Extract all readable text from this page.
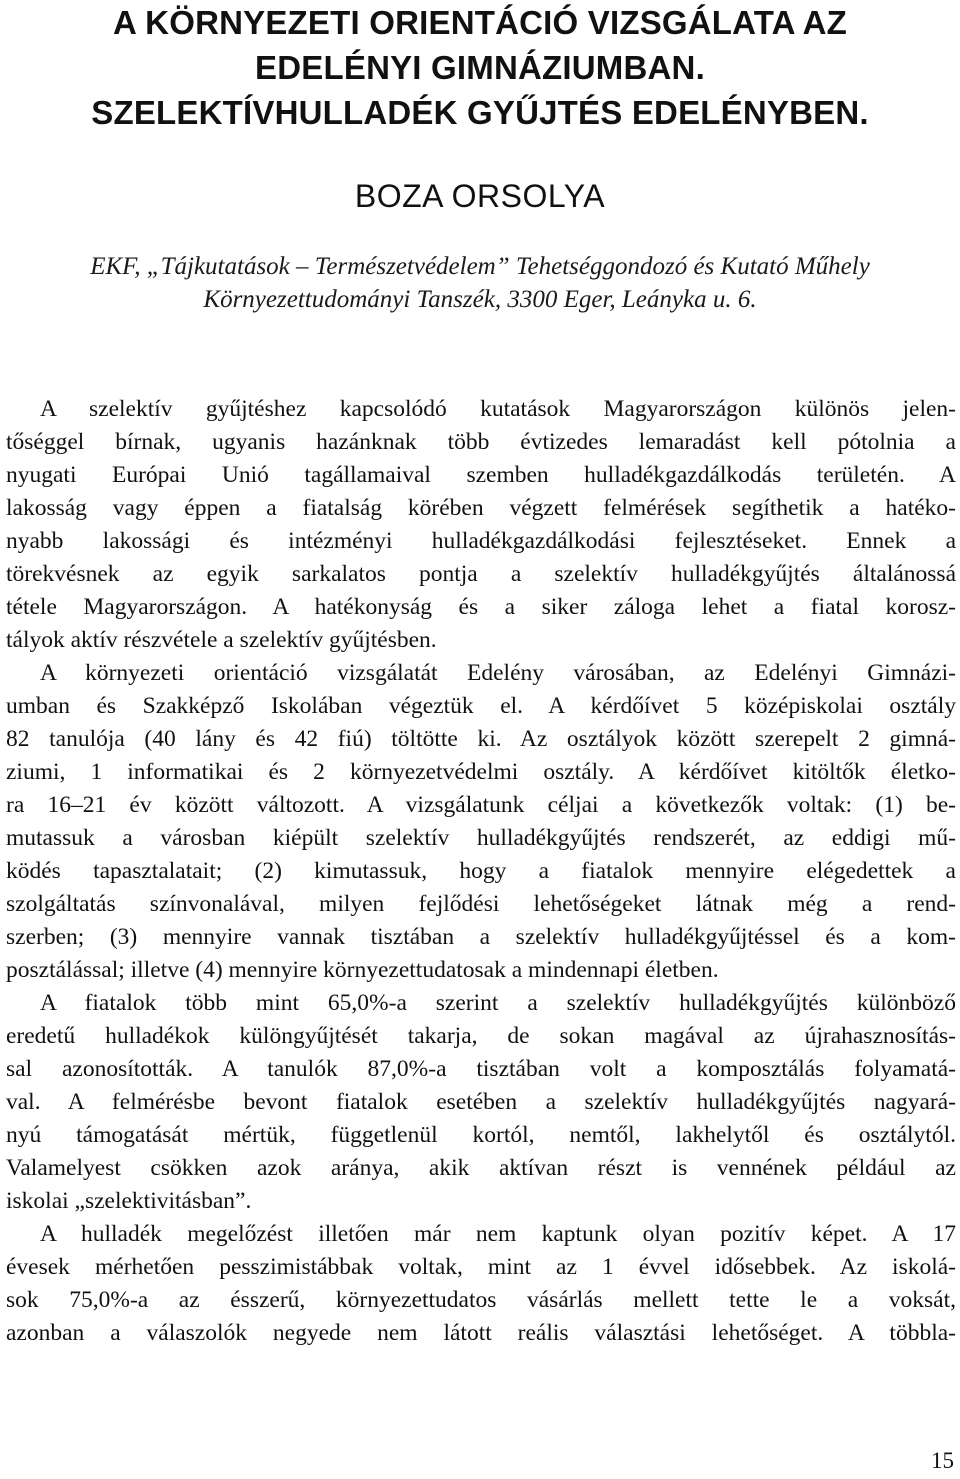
A KÖRNYEZETI ORIENTÁCIÓ VIZSGÁLATA AZ
EDELÉNYI GIMNÁZIUMBAN.
SZELEKTÍVHULLADÉK GYŰJTÉS EDELÉNYBEN.
BOZA ORSOLYA
EKF, „Tájkutatások – Természetvédelem” Tehetséggondozó és Kutató Műhely
Környezettudományi Tanszék, 3300 Eger, Leányka u. 6.
A szelektív gyűjtéshez kapcsolódó kutatások Magyarországon különös jelen-
tőséggel bírnak, ugyanis hazánknak több évtizedes lemaradást kell pótolnia a
nyugati Európai Unió tagállamaival szemben hulladékgazdálkodás területén. A
lakosság vagy éppen a fiatalság körében végzett felmérések segíthetik a hatéko-
nyabb lakossági és intézményi hulladékgazdálkodási fejlesztéseket. Ennek a
törekvésnek az egyik sarkalatos pontja a szelektív hulladékgyűjtés általánossá
tétele Magyarországon. A hatékonyság és a siker záloga lehet a fiatal korosz-
tályok aktív részvétele a szelektív gyűjtésben.
A környezeti orientáció vizsgálatát Edelény városában, az Edelényi Gimnázi-
umban és Szakképző Iskolában végeztük el. A kérdőívet 5 középiskolai osztály
82 tanulója (40 lány és 42 fiú) töltötte ki. Az osztályok között szerepelt 2 gimná-
ziumi, 1 informatikai és 2 környezetvédelmi osztály. A kérdőívet kitöltők életko-
ra 16–21 év között változott. A vizsgálatunk céljai a következők voltak: (1) be-
mutassuk a városban kiépült szelektív hulladékgyűjtés rendszerét, az eddigi mű-
ködés tapasztalatait; (2) kimutassuk, hogy a fiatalok mennyire elégedettek a
szolgáltatás színvonalával, milyen fejlődési lehetőségeket látnak még a rend-
szerben; (3) mennyire vannak tisztában a szelektív hulladékgyűjtéssel és a kom-
posztálással; illetve (4) mennyire környezettudatosak a mindennapi életben.
A fiatalok több mint 65,0%-a szerint a szelektív hulladékgyűjtés különböző
eredetű hulladékok különgyűjtését takarja, de sokan magával az újrahasznosítás-
sal azonosították. A tanulók 87,0%-a tisztában volt a komposztálás folyamatá-
val. A felmérésbe bevont fiatalok esetében a szelektív hulladékgyűjtés nagyará-
nyú támogatását mértük, függetlenül kortól, nemtől, lakhelytől és osztálytól.
Valamelyest csökken azok aránya, akik aktívan részt is vennének például az
iskolai „szelektivitásban”.
A hulladék megelőzést illetően már nem kaptunk olyan pozitív képet. A 17
évesek mérhetően pesszimistábbak voltak, mint az 1 évvel idősebbek. Az iskolá-
sok 75,0%-a az ésszerű, környezettudatos vásárlás mellett tette le a voksát,
azonban a válaszolók negyede nem látott reális választási lehetőséget. A többla-
15
